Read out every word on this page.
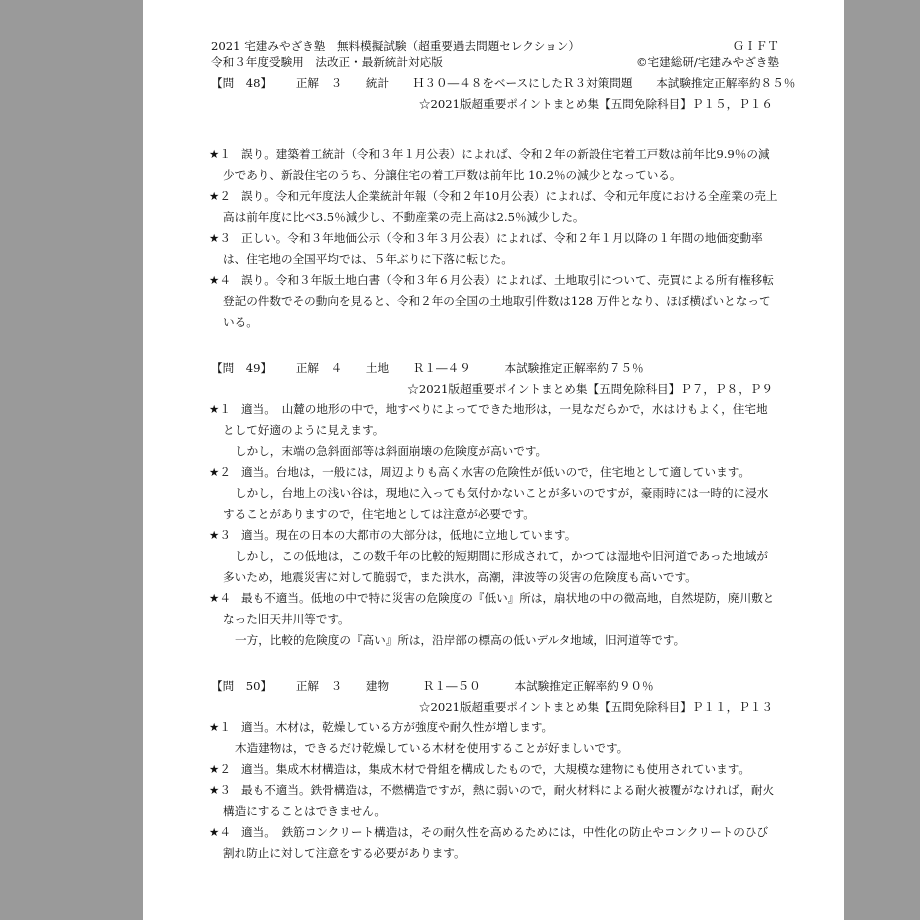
2021 宅建みやざき塾　無料模擬試験（超重要過去問題セレクション）	ＧＩＦＴ
令和３年度受験用　法改正・最新統計対応版	©宅建総研/宅建みやざき塾
【問　48】 正解　３ 統計 Ｈ３０―４８をベースにしたＲ３対策問題 本試験推定正解率約８５％
☆2021版超重要ポイントまとめ集【五問免除科目】Ｐ１５，Ｐ１６
★１ 誤り。建築着工統計（令和３年１月公表）によれば、令和２年の新設住宅着工戸数は前年比9.9％の減少であり、新設住宅のうち、分譲住宅の着工戸数は前年比 10.2％の減少となっている。
★２ 誤り。令和元年度法人企業統計年報（令和２年10月公表）によれば、令和元年度における全産業の売上高は前年度に比べ3.5％減少し、不動産業の売上高は2.5％減少した。
★３ 正しい。令和３年地価公示（令和３年３月公表）によれば、令和２年１月以降の１年間の地価変動率は、住宅地の全国平均では、５年ぶりに下落に転じた。
★４ 誤り。令和３年版土地白書（令和３年６月公表）によれば、土地取引について、売買による所有権移転登記の件数でその動向を見ると、令和２年の全国の土地取引件数は128 万件となり、ほぼ横ばいとなっている。
【問　49】 正解　４ 土地 Ｒ１―４９	本試験推定正解率約７５％
☆2021版超重要ポイントまとめ集【五問免除科目】Ｐ７，Ｐ８，Ｐ９
★１ 適当。　山麓の地形の中で，地すべりによってできた地形は，一見なだらかで，水はけもよく，住宅地として好適のように見えます。
しかし，末端の急斜面部等は斜面崩壊の危険度が高いです。
★２ 適当。台地は，一般には，周辺よりも高く水害の危険性が低いので，住宅地として適しています。
しかし，台地上の浅い谷は，現地に入っても気付かないことが多いのですが，豪雨時には一時的に浸水することがありますので，住宅地としては注意が必要です。
★３ 適当。現在の日本の大都市の大部分は，低地に立地しています。
しかし，この低地は，この数千年の比較的短期間に形成されて，かつては湿地や旧河道であった地域が多いため，地震災害に対して脆弱で，また洪水，高潮，津波等の災害の危険度も高いです。
★４ 最も不適当。低地の中で特に災害の危険度の『低い』所は，扇状地の中の微高地，自然堤防，廃川敷となった旧天井川等です。
一方，比較的危険度の『高い』所は，沿岸部の標高の低いデルタ地域，旧河道等です。
【問　50】 正解　３ 建物	Ｒ１―５０	本試験推定正解率約９０％
☆2021版超重要ポイントまとめ集【五問免除科目】Ｐ１１，Ｐ１３
★１ 適当。木材は，乾燥している方が強度や耐久性が増します。
木造建物は，できるだけ乾燥している木材を使用することが好ましいです。
★２ 適当。集成木材構造は，集成木材で骨組を構成したもので，大規模な建物にも使用されています。
★３ 最も不適当。鉄骨構造は，不燃構造ですが，熱に弱いので，耐火材料による耐火被覆がなければ，耐火構造にすることはできません。
★４ 適当。　鉄筋コンクリート構造は，その耐久性を高めるためには，中性化の防止やコンクリートのひび割れ防止に対して注意をする必要があります。
